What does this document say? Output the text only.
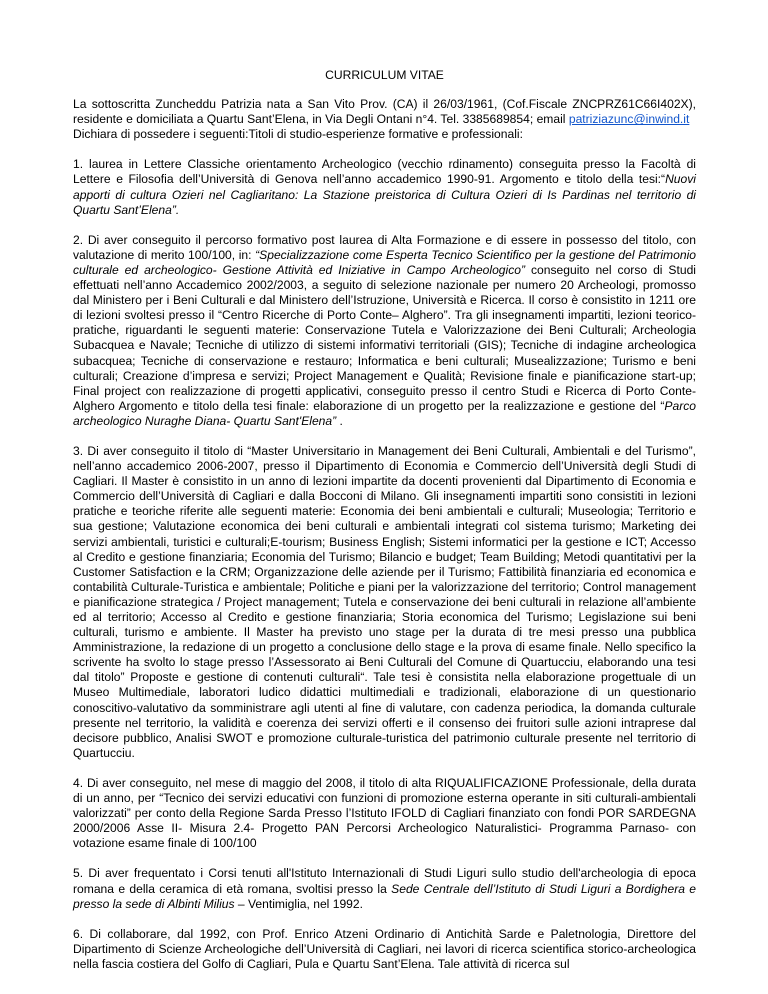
CURRICULUM VITAE

La sottoscritta Zuncheddu Patrizia nata a San Vito Prov. (CA) il 26/03/1961, (Cof.Fiscale ZNCPRZ61C66I402X), residente e domiciliata a Quartu Sant’Elena, in Via Degli Ontani n°4. Tel. 3385689854; email patriziazunc@inwind.it

Dichiara di possedere i seguenti:Titoli di studio-esperienze formative e professionali:

1. laurea in Lettere Classiche orientamento Archeologico (vecchio rdinamento) conseguita presso la Facoltà di Lettere e Filosofia dell’Università di Genova nell’anno accademico 1990-91. Argomento e titolo della tesi:“Nuovi apporti di cultura Ozieri nel Cagliaritano: La Stazione preistorica di Cultura Ozieri di Is Pardinas nel territorio di Quartu Sant’Elena”.

2. Di aver conseguito il percorso formativo post laurea di Alta Formazione e di essere in possesso del titolo, con valutazione di merito 100/100, in: “Specializzazione come Esperta Tecnico Scientifico per la gestione del Patrimonio culturale ed archeologico- Gestione Attività ed Iniziative in Campo Archeologico” conseguito nel corso di Studi effettuati nell’anno Accademico 2002/2003, a seguito di selezione nazionale per numero 20 Archeologi, promosso dal Ministero per i Beni Culturali e dal Ministero dell’Istruzione, Università e Ricerca. Il corso è consistito in 1211 ore di lezioni svoltesi presso il “Centro Ricerche di Porto Conte– Alghero”. Tra gli insegnamenti impartiti, lezioni teorico-pratiche, riguardanti le seguenti materie: Conservazione Tutela e Valorizzazione dei Beni Culturali; Archeologia Subacquea e Navale; Tecniche di utilizzo di sistemi informativi territoriali (GIS); Tecniche di indagine archeologica subacquea; Tecniche di conservazione e restauro; Informatica e beni culturali; Musealizzazione; Turismo e beni culturali; Creazione d’impresa e servizi; Project Management e Qualità; Revisione finale e pianificazione start-up; Final project con realizzazione di progetti applicativi, conseguito presso il centro Studi e Ricerca di Porto Conte- Alghero Argomento e titolo della tesi finale: elaborazione di un progetto per la realizzazione e gestione del “Parco archeologico Nuraghe Diana- Quartu Sant'Elena” .

3. Di aver conseguito il titolo di “Master Universitario in Management dei Beni Culturali, Ambientali e del Turismo”, nell’anno accademico 2006-2007, presso il Dipartimento di Economia e Commercio dell’Università degli Studi di Cagliari. Il Master è consistito in un anno di lezioni impartite da docenti provenienti dal Dipartimento di Economia e Commercio dell’Università di Cagliari e dalla Bocconi di Milano. Gli insegnamenti impartiti sono consistiti in lezioni pratiche e teoriche riferite alle seguenti materie: Economia dei beni ambientali e culturali; Museologia; Territorio e sua gestione; Valutazione economica dei beni culturali e ambientali integrati col sistema turismo; Marketing dei servizi ambientali, turistici e culturali;E-tourism; Business English; Sistemi informatici per la gestione e ICT; Accesso al Credito e gestione finanziaria; Economia del Turismo; Bilancio e budget; Team Building; Metodi quantitativi per la Customer Satisfaction e la CRM; Organizzazione delle aziende per il Turismo; Fattibilità finanziaria ed economica e contabilità Culturale-Turistica e ambientale; Politiche e piani per la valorizzazione del territorio; Control management e pianificazione strategica / Project management; Tutela e conservazione dei beni culturali in relazione all’ambiente ed al territorio; Accesso al Credito e gestione finanziaria; Storia economica del Turismo; Legislazione sui beni culturali, turismo e ambiente. Il Master ha previsto uno stage per la durata di tre mesi presso una pubblica Amministrazione, la redazione di un progetto a conclusione dello stage e la prova di esame finale. Nello specifico la scrivente ha svolto lo stage presso l’Assessorato ai Beni Culturali del Comune di Quartucciu, elaborando una tesi dal titolo” Proposte e gestione di contenuti culturali“. Tale tesi è consistita nella elaborazione progettuale di un Museo Multimediale, laboratori ludico didattici multimediali e tradizionali, elaborazione di un questionario conoscitivo-valutativo da somministrare agli utenti al fine di valutare, con cadenza periodica, la domanda culturale presente nel territorio, la validità e coerenza dei servizi offerti e il consenso dei fruitori sulle azioni intraprese dal decisore pubblico, Analisi SWOT e promozione culturale-turistica del patrimonio culturale presente nel territorio di Quartucciu.

4. Di aver conseguito, nel mese di maggio del 2008, il titolo di alta RIQUALIFICAZIONE Professionale, della durata di un anno, per “Tecnico dei servizi educativi con funzioni di promozione esterna operante in siti culturali-ambientali valorizzati” per conto della Regione Sarda Presso l’Istituto IFOLD di Cagliari finanziato con fondi POR SARDEGNA 2000/2006 Asse II- Misura 2.4- Progetto PAN Percorsi Archeologico Naturalistici- Programma Parnaso- con votazione esame finale di 100/100

5. Di aver frequentato i Corsi tenuti all'Istituto Internazionali di Studi Liguri sullo studio dell'archeologia di epoca romana e della ceramica di età romana, svoltisi presso la Sede Centrale dell’Istituto di Studi Liguri a Bordighera e presso la sede di Albinti Milius – Ventimiglia, nel 1992.

6. Di collaborare, dal 1992, con Prof. Enrico Atzeni Ordinario di Antichità Sarde e Paletnologia, Direttore del Dipartimento di Scienze Archeologiche dell’Università di Cagliari, nei lavori di ricerca scientifica storico-archeologica nella fascia costiera del Golfo di Cagliari, Pula e Quartu Sant’Elena. Tale attività di ricerca sul
